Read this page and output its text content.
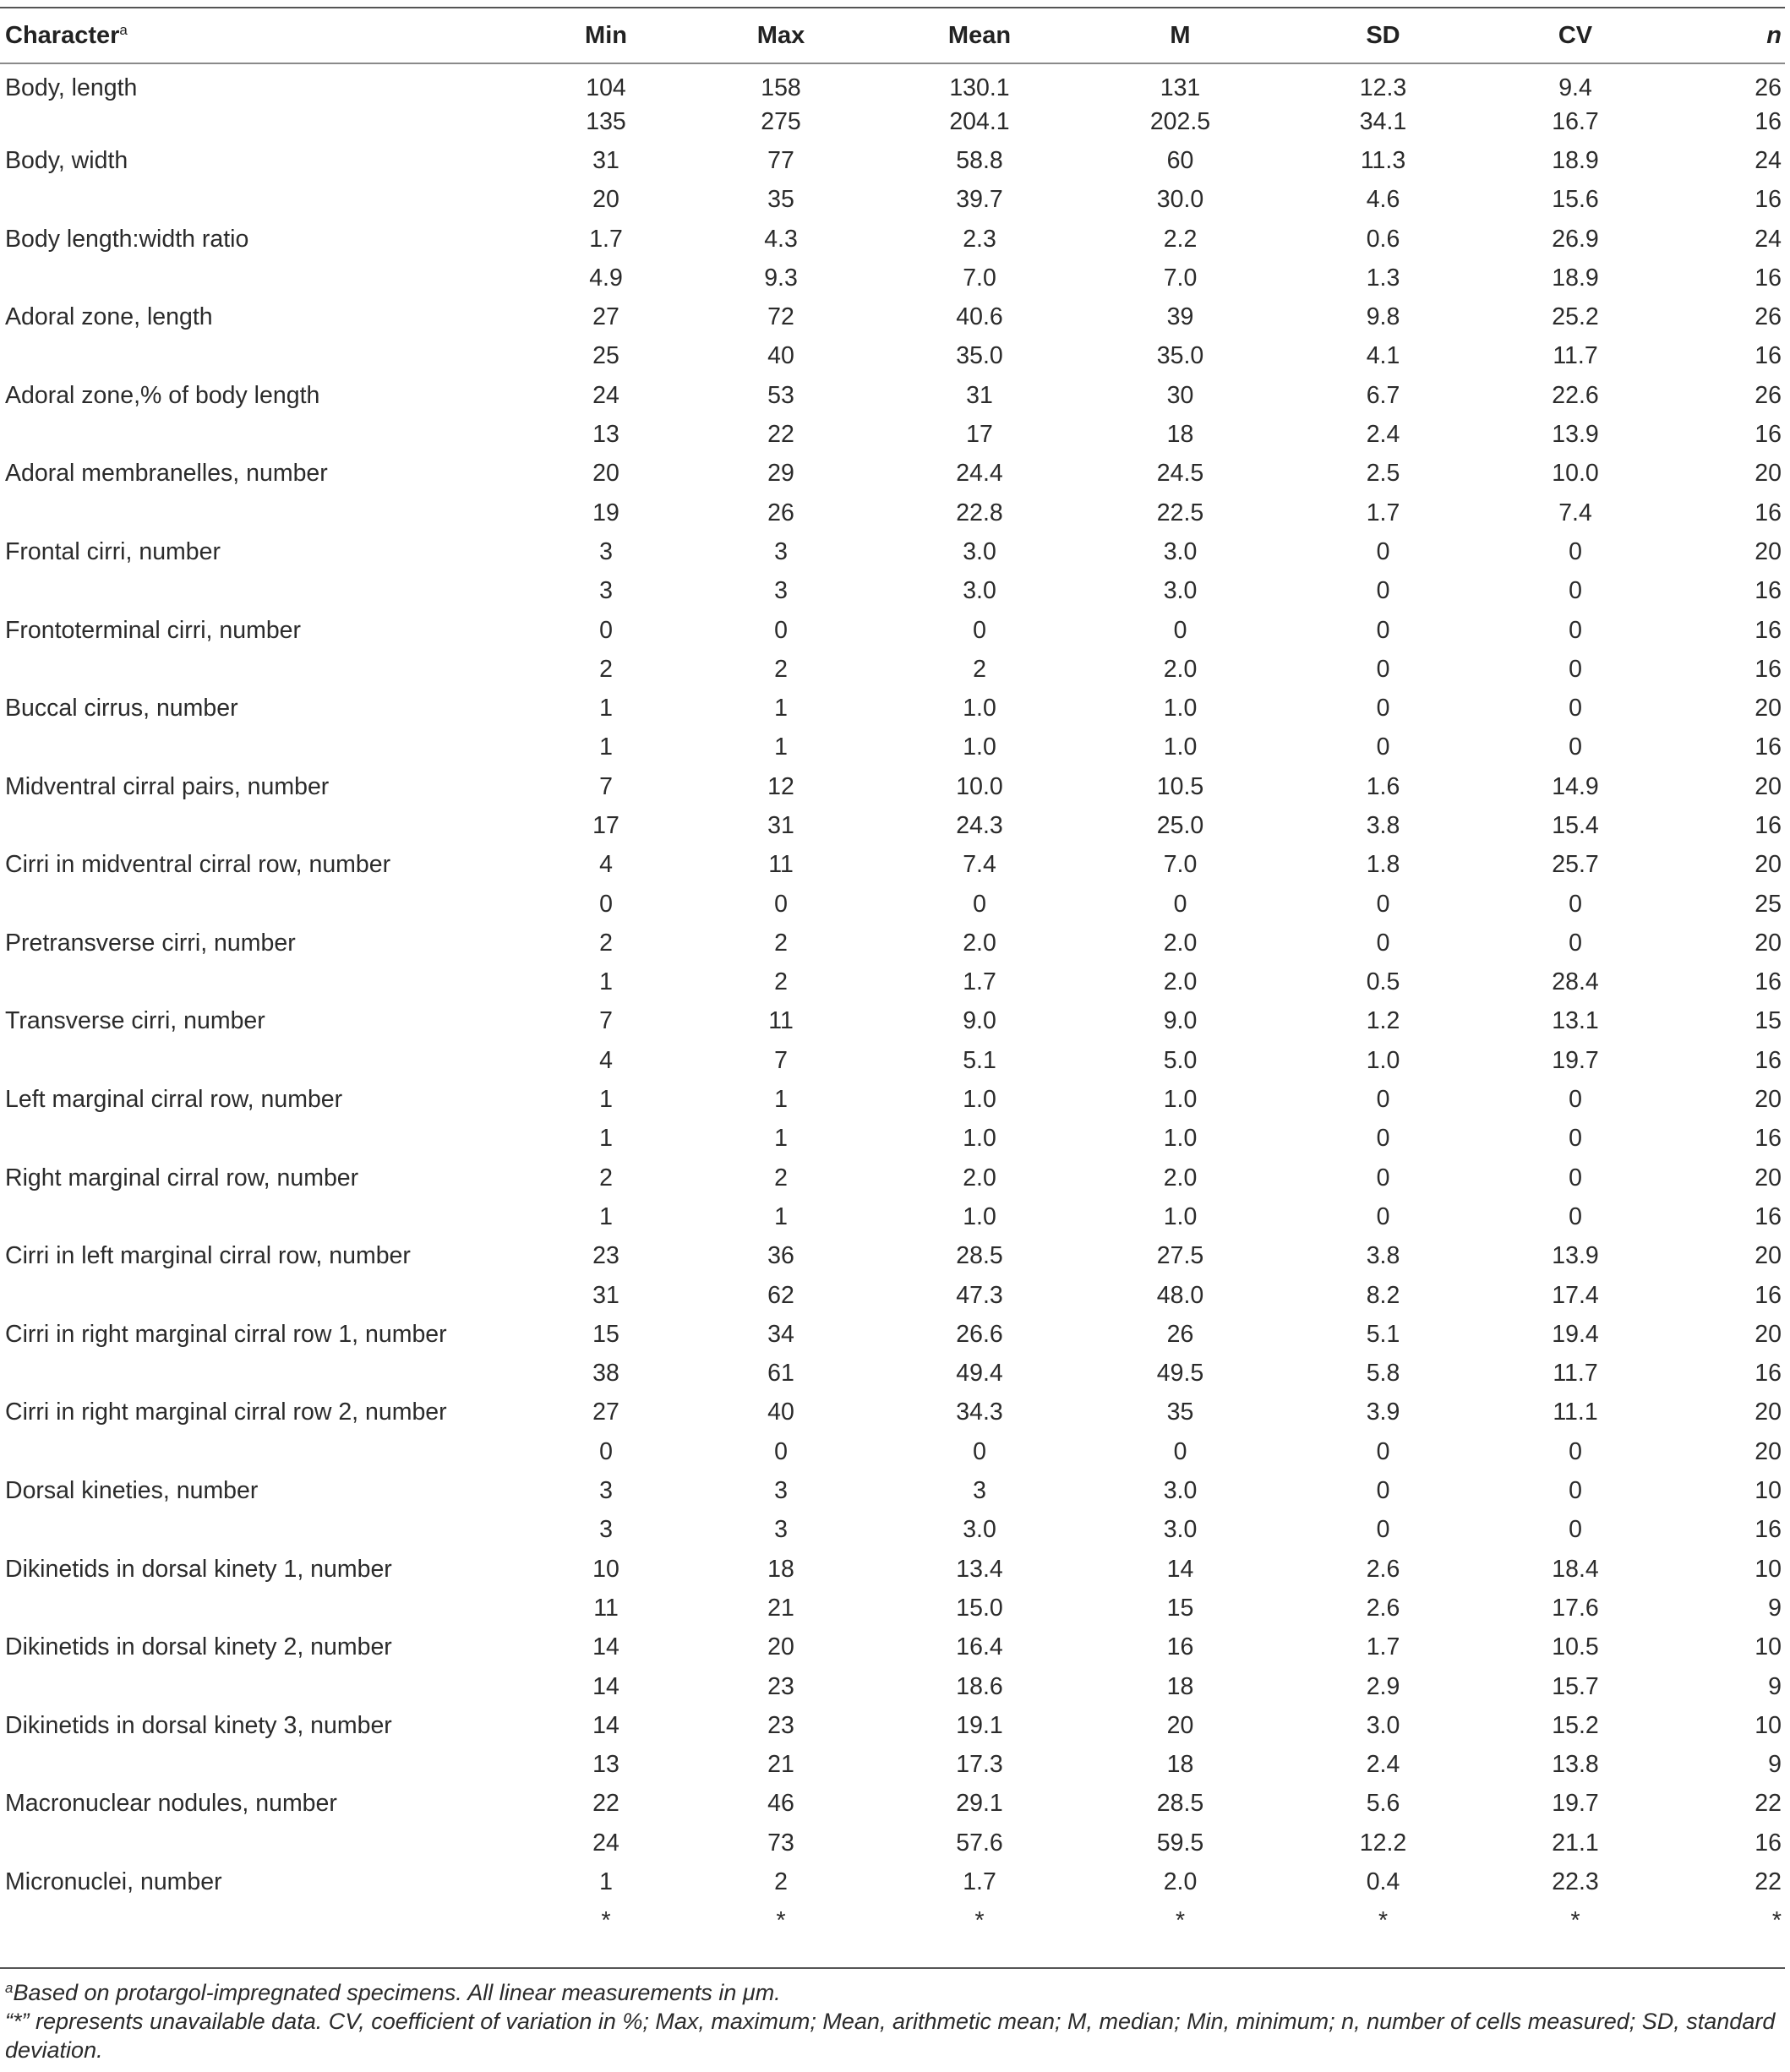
Character$^a$	Min	Max	Mean	M	SD	CV	n
Body, length	104	158	130.1	131	12.3	9.4	26
	135	275	204.1	202.5	34.1	16.7	16
Body, width	31	77	58.8	60	11.3	18.9	24
	20	35	39.7	30.0	4.6	15.6	16
Body length:width ratio	1.7	4.3	2.3	2.2	0.6	26.9	24
	4.9	9.3	7.0	7.0	1.3	18.9	16
Adoral zone, length	27	72	40.6	39	9.8	25.2	26
	25	40	35.0	35.0	4.1	11.7	16
Adoral zone,% of body length	24	53	31	30	6.7	22.6	26
	13	22	17	18	2.4	13.9	16
Adoral membranelles, number	20	29	24.4	24.5	2.5	10.0	20
	19	26	22.8	22.5	1.7	7.4	16
Frontal cirri, number	3	3	3.0	3.0	0	0	20
	3	3	3.0	3.0	0	0	16
Frontoterminal cirri, number	0	0	0	0	0	0	16
	2	2	2	2.0	0	0	16
Buccal cirrus, number	1	1	1.0	1.0	0	0	20
	1	1	1.0	1.0	0	0	16
Midventral cirral pairs, number	7	12	10.0	10.5	1.6	14.9	20
	17	31	24.3	25.0	3.8	15.4	16
Cirri in midventral cirral row, number	4	11	7.4	7.0	1.8	25.7	20
	0	0	0	0	0	0	25
Pretransverse cirri, number	2	2	2.0	2.0	0	0	20
	1	2	1.7	2.0	0.5	28.4	16
Transverse cirri, number	7	11	9.0	9.0	1.2	13.1	15
	4	7	5.1	5.0	1.0	19.7	16
Left marginal cirral row, number	1	1	1.0	1.0	0	0	20
	1	1	1.0	1.0	0	0	16
Right marginal cirral row, number	2	2	2.0	2.0	0	0	20
	1	1	1.0	1.0	0	0	16
Cirri in left marginal cirral row, number	23	36	28.5	27.5	3.8	13.9	20
	31	62	47.3	48.0	8.2	17.4	16
Cirri in right marginal cirral row 1, number	15	34	26.6	26	5.1	19.4	20
	38	61	49.4	49.5	5.8	11.7	16
Cirri in right marginal cirral row 2, number	27	40	34.3	35	3.9	11.1	20
	0	0	0	0	0	0	20
Dorsal kineties, number	3	3	3	3.0	0	0	10
	3	3	3.0	3.0	0	0	16
Dikinetids in dorsal kinety 1, number	10	18	13.4	14	2.6	18.4	10
	11	21	15.0	15	2.6	17.6	9
Dikinetids in dorsal kinety 2, number	14	20	16.4	16	1.7	10.5	10
	14	23	18.6	18	2.9	15.7	9
Dikinetids in dorsal kinety 3, number	14	23	19.1	20	3.0	15.2	10
	13	21	17.3	18	2.4	13.8	9
Macronuclear nodules, number	22	46	29.1	28.5	5.6	19.7	22
	24	73	57.6	59.5	12.2	21.1	16
Micronuclei, number	1	2	1.7	2.0	0.4	22.3	22
	*	*	*	*	*	*	*

$^a$Based on protargol-impregnated specimens. All linear measurements in μm.

“*” represents unavailable data. CV, coefficient of variation in %; Max, maximum; Mean, arithmetic mean; M, median; Min, minimum; n, number of cells measured; SD, standard deviation.
